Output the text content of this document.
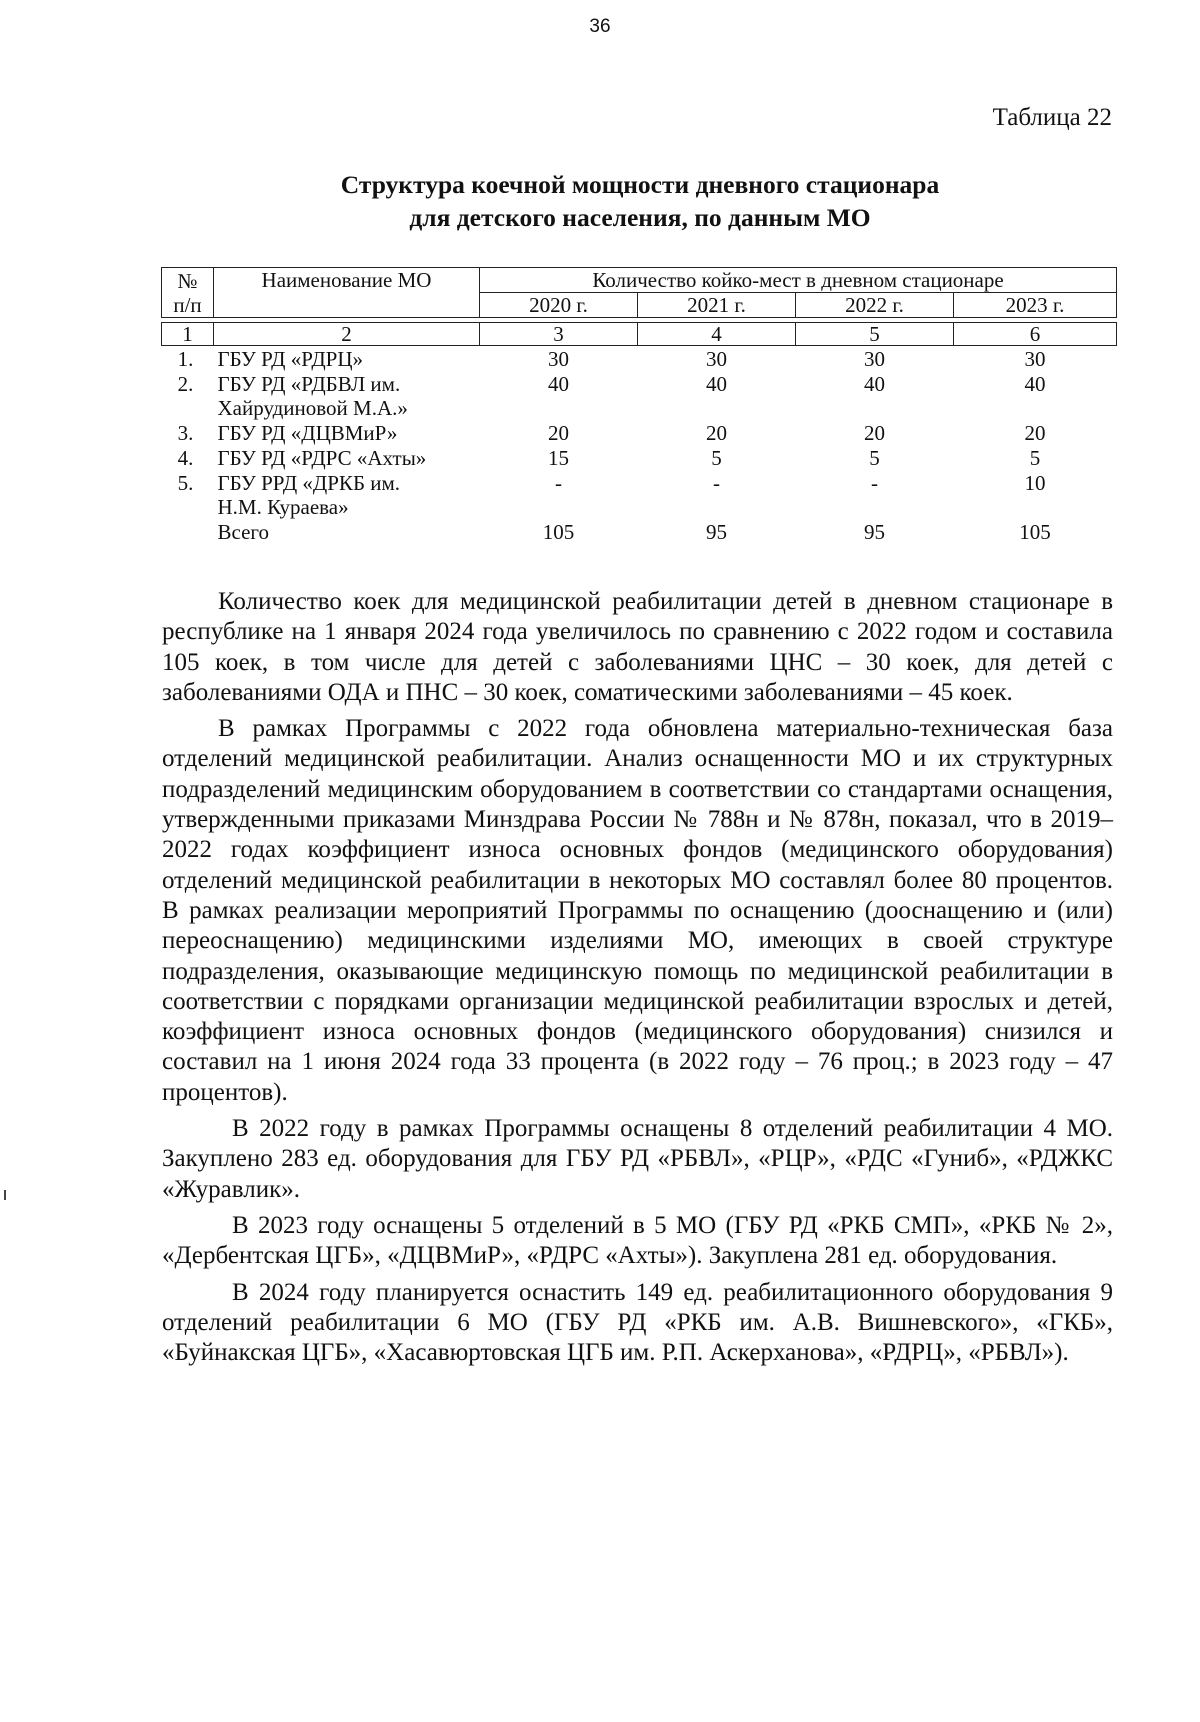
36
Таблица 22
Структура коечной мощности дневного стационара
для детского населения, по данным МО
№
п/п	Наименование МО	Количество койко-мест в дневном стационаре			
		2020 г.	2021 г.	2022 г.	2023 г.

1	2	3	4	5	6
1.	ГБУ РД «РДРЦ»	30	30	30	30
2.	ГБУ РД «РДБВЛ им.
Хайрудиновой М.А.»	40	40	40	40
3.	ГБУ РД «ДЦВМиР»	20	20	20	20
4.	ГБУ РД «РДРС «Ахты»	15	5	5	5
5.	ГБУ РРД «ДРКБ им.
Н.М. Кураева»	-	-	-	10
	Всего	105	95	95	105

Количество коек для медицинской реабилитации детей в дневном стационаре в республике на 1 января 2024 года увеличилось по сравнению с 2022 годом и составила 105 коек, в том числе для детей с заболеваниями ЦНС – 30 коек, для детей с заболеваниями ОДА и ПНС – 30 коек, соматическими заболеваниями – 45 коек.

В рамках Программы с 2022 года обновлена материально-техническая база отделений медицинской реабилитации. Анализ оснащенности МО и их структурных подразделений медицинским оборудованием в соответствии со стандартами оснащения, утвержденными приказами Минздрава России № 788н и № 878н, показал, что в 2019–2022 годах коэффициент износа основных фондов (медицинского оборудования) отделений медицинской реабилитации в некоторых МО составлял более 80 процентов. В рамках реализации мероприятий Программы по оснащению (дооснащению и (или) переоснащению) медицинскими изделиями МО, имеющих в своей структуре подразделения, оказывающие медицинскую помощь по медицинской реабилитации в соответствии с порядками организации медицинской реабилитации взрослых и детей, коэффициент износа основных фондов (медицинского оборудования) снизился и составил на 1 июня 2024 года 33 процента (в 2022 году – 76 проц.; в 2023 году – 47 процентов).

В 2022 году в рамках Программы оснащены 8 отделений реабилитации 4 МО. Закуплено 283 ед. оборудования для ГБУ РД «РБВЛ», «РЦР», «РДС «Гуниб», «РДЖКС «Журавлик».

В 2023 году оснащены 5 отделений в 5 МО (ГБУ РД «РКБ СМП», «РКБ № 2», «Дербентская ЦГБ», «ДЦВМиР», «РДРС «Ахты»). Закуплена 281 ед. оборудования.

В 2024 году планируется оснастить 149 ед. реабилитационного оборудования 9 отделений реабилитации 6 МО (ГБУ РД «РКБ им. А.В. Вишневского», «ГКБ», «Буйнакская ЦГБ», «Хасавюртовская ЦГБ им. Р.П. Аскерханова», «РДРЦ», «РБВЛ»).
